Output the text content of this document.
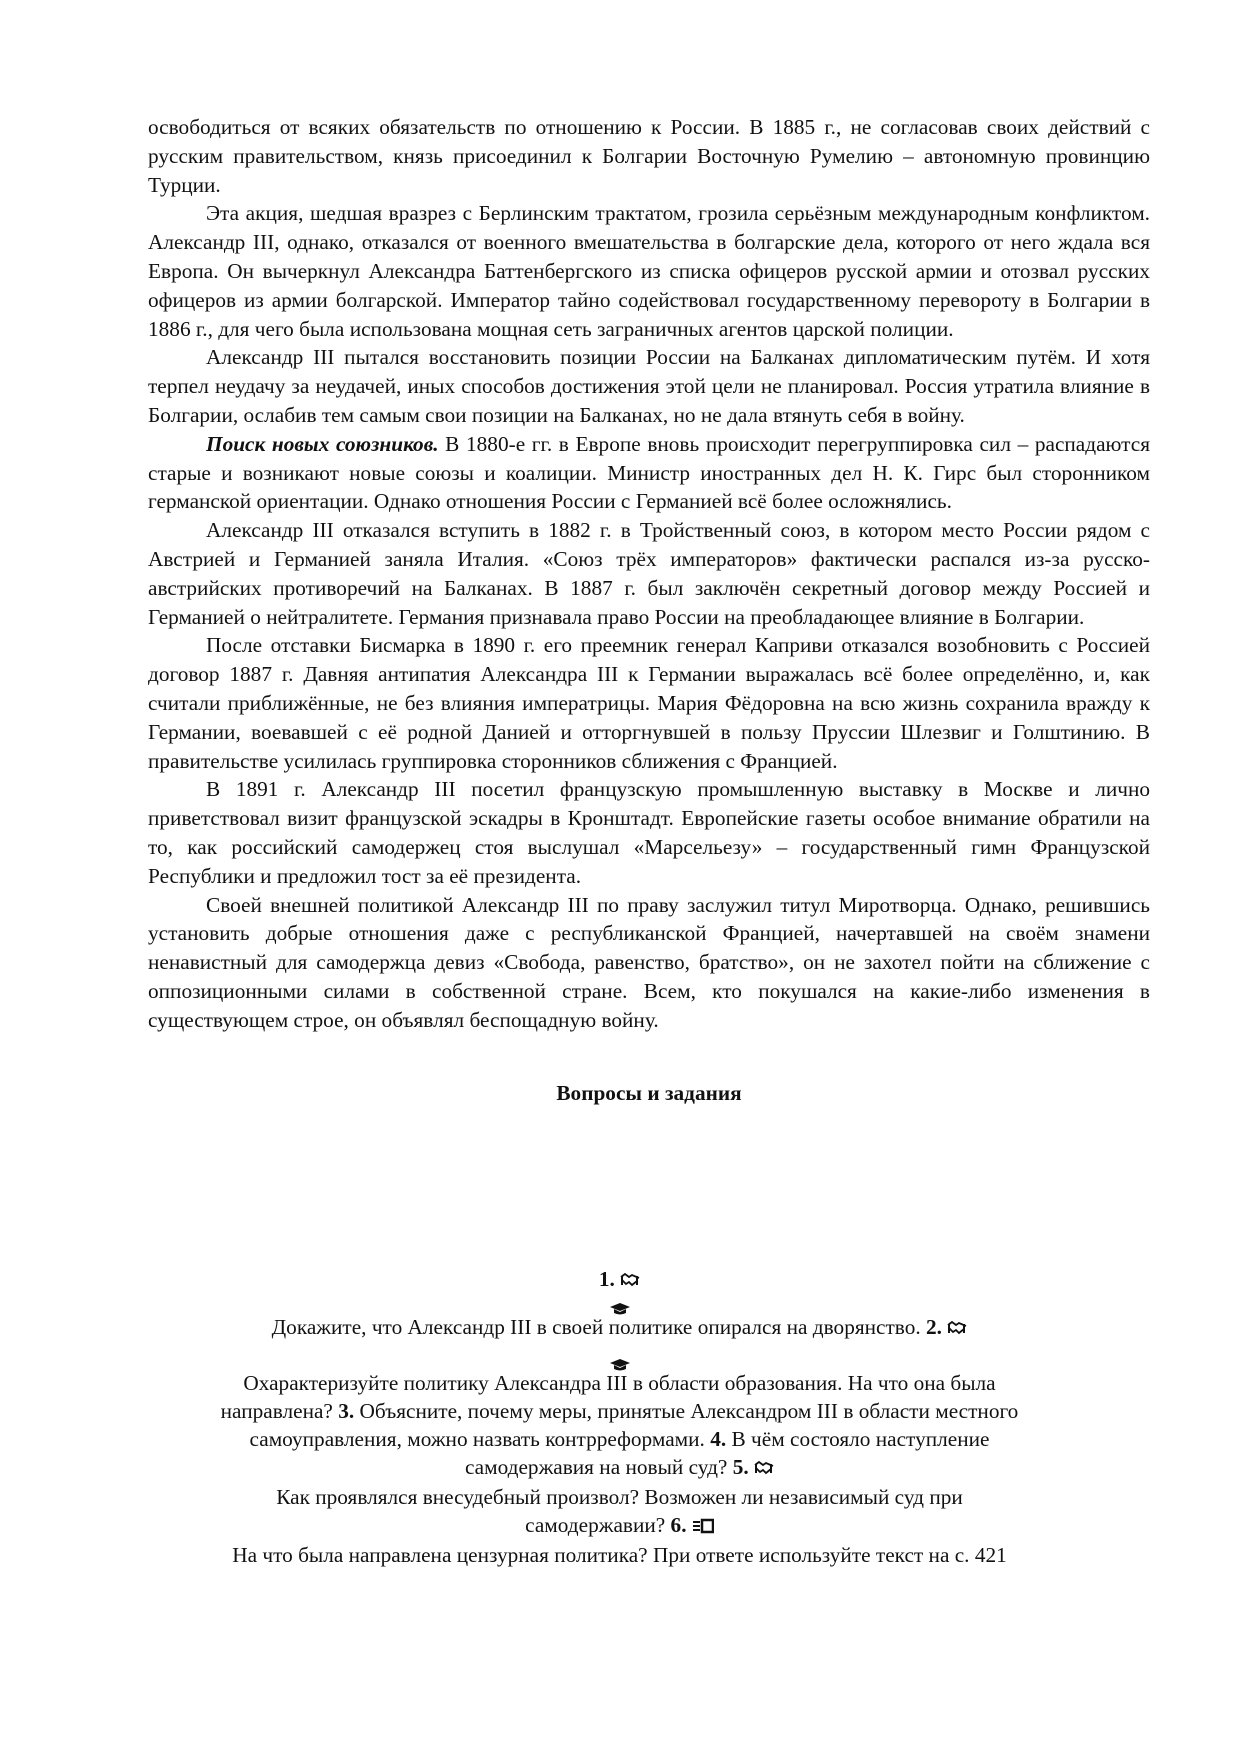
освободиться от всяких обязательств по отношению к России. В 1885 г., не согласовав своих действий с русским правительством, князь присоединил к Болгарии Восточную Румелию – автономную провинцию Турции.

Эта акция, шедшая вразрез с Берлинским трактатом, грозила серьёзным международным конфликтом. Александр III, однако, отказался от военного вмешательства в болгарские дела, которого от него ждала вся Европа. Он вычеркнул Александра Баттенбергского из списка офицеров русской армии и отозвал русских офицеров из армии болгарской. Император тайно содействовал государственному перевороту в Болгарии в 1886 г., для чего была использована мощная сеть заграничных агентов царской полиции.

Александр III пытался восстановить позиции России на Балканах дипломатическим путём. И хотя терпел неудачу за неудачей, иных способов достижения этой цели не планировал. Россия утратила влияние в Болгарии, ослабив тем самым свои позиции на Балканах, но не дала втянуть себя в войну.

Поиск новых союзников. В 1880-е гг. в Европе вновь происходит перегруппировка сил – распадаются старые и возникают новые союзы и коалиции. Министр иностранных дел Н. К. Гирс был сторонником германской ориентации. Однако отношения России с Германией всё более осложнялись.

Александр III отказался вступить в 1882 г. в Тройственный союз, в котором место России рядом с Австрией и Германией заняла Италия. «Союз трёх императоров» фактически распался из-за русско-австрийских противоречий на Балканах. В 1887 г. был заключён секретный договор между Россией и Германией о нейтралитете. Германия признавала право России на преобладающее влияние в Болгарии.

После отставки Бисмарка в 1890 г. его преемник генерал Каприви отказался возобновить с Россией договор 1887 г. Давняя антипатия Александра III к Германии выражалась всё более определённо, и, как считали приближённые, не без влияния императрицы. Мария Фёдоровна на всю жизнь сохранила вражду к Германии, воевавшей с её родной Данией и отторгнувшей в пользу Пруссии Шлезвиг и Голштинию. В правительстве усилилась группировка сторонников сближения с Францией.

В 1891 г. Александр III посетил французскую промышленную выставку в Москве и лично приветствовал визит французской эскадры в Кронштадт. Европейские газеты особое внимание обратили на то, как российский самодержец стоя выслушал «Марсельезу» – государственный гимн Французской Республики и предложил тост за её президента.

Своей внешней политикой Александр III по праву заслужил титул Миротворца. Однако, решившись установить добрые отношения даже с республиканской Францией, начертавшей на своём знамени ненавистный для самодержца девиз «Свобода, равенство, братство», он не захотел пойти на сближение с оппозиционными силами в собственной стране. Всем, кто покушался на какие-либо изменения в существующем строе, он объявлял беспощадную войну.

Вопросы и задания
1.
Докажите, что Александр III в своей политике опирался на дворянство. 2.
Охарактеризуйте политику Александра III в области образования. На что она была
направлена? 3. Объясните, почему меры, принятые Александром III в области местного
самоуправления, можно назвать контрреформами. 4. В чём состояло наступление
самодержавия на новый суд? 5.
Как проявлялся внесудебный произвол? Возможен ли независимый суд при
самодержавии? 6.
На что была направлена цензурная политика? При ответе используйте текст на с. 421
